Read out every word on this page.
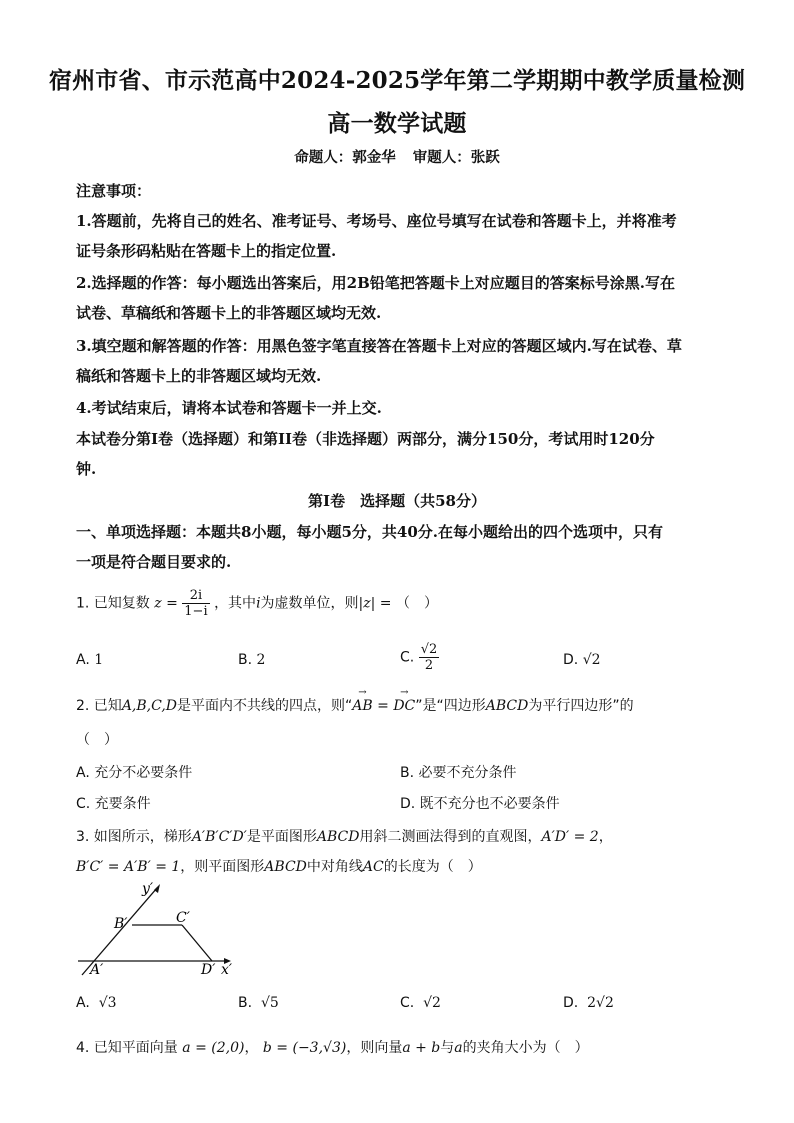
宿州市省、市示范高中2024-2025学年第二学期期中教学质量检测
高一数学试题
命题人：郭金华 审题人：张跃
注意事项：
1.答题前，先将自己的姓名、准考证号、考场号、座位号填写在试卷和答题卡上，并将准考
证号条形码粘贴在答题卡上的指定位置.
2.选择题的作答：每小题选出答案后，用2B铅笔把答题卡上对应题目的答案标号涂黑.写在
试卷、草稿纸和答题卡上的非答题区域均无效.
3.填空题和解答题的作答：用黑色签字笔直接答在答题卡上对应的答题区域内.写在试卷、草
稿纸和答题卡上的非答题区域均无效.
4.考试结束后，请将本试卷和答题卡一并上交.
本试卷分第I卷（选择题）和第II卷（非选择题）两部分，满分150分，考试用时120分
钟.
第I卷　选择题（共58分）
一、单项选择题：本题共8小题，每小题5分，共40分.在每小题给出的四个选项中，只有
一项是符合题目要求的.
1. 已知复数 $z = \frac{2i}{1-i}$ ，其中i为虚数单位，则|z| = （　）
A. 1	B. 2	C. $\frac{√2}{2}$	D. √2
2. 已知A,B,C,D是平面内不共线的四点，则“→ AB = → DC”是“四边形ABCD为平行四边形”的
（　）
A. 充分不必要条件	B. 必要不充分条件
C. 充要条件	D. 既不充分也不必要条件
3. 如图所示，梯形A′B′C′D′是平面图形ABCD用斜二测画法得到的直观图，A′D′ = 2，
B′C′ = A′B′ = 1，则平面图形ABCD中对角线AC的长度为（　）
y′
B′	C′
A′	D′ x′
A. √3	B. √5	C. √2	D. 2√2
4. 已知平面向量 a = (2,0)， b = (−3,√3)，则向量a + b与a的夹角大小为（　）
